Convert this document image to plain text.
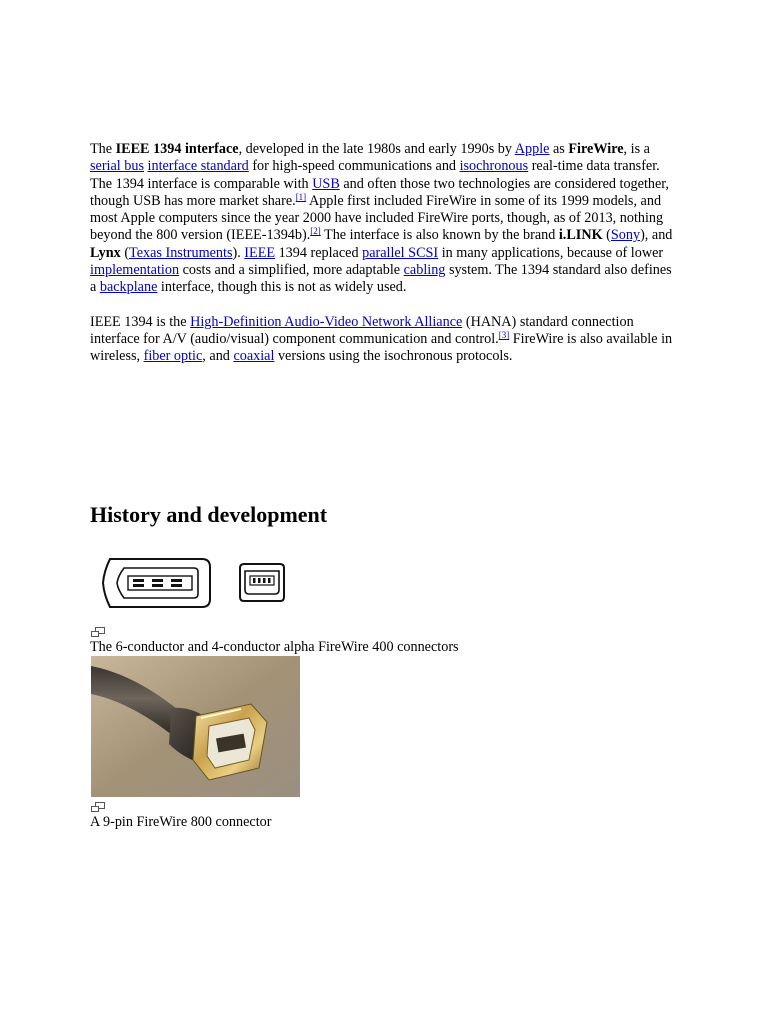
The IEEE 1394 interface, developed in the late 1980s and early 1990s by Apple as FireWire, is a serial bus interface standard for high-speed communications and isochronous real-time data transfer. The 1394 interface is comparable with USB and often those two technologies are considered together, though USB has more market share.[1] Apple first included FireWire in some of its 1999 models, and most Apple computers since the year 2000 have included FireWire ports, though, as of 2013, nothing beyond the 800 version (IEEE-1394b).[2] The interface is also known by the brand i.LINK (Sony), and Lynx (Texas Instruments). IEEE 1394 replaced parallel SCSI in many applications, because of lower implementation costs and a simplified, more adaptable cabling system. The 1394 standard also defines a backplane interface, though this is not as widely used.

IEEE 1394 is the High-Definition Audio-Video Network Alliance (HANA) standard connection interface for A/V (audio/visual) component communication and control.[3] FireWire is also available in wireless, fiber optic, and coaxial versions using the isochronous protocols.

History and development
The 6-conductor and 4-conductor alpha FireWire 400 connectors
A 9-pin FireWire 800 connector
